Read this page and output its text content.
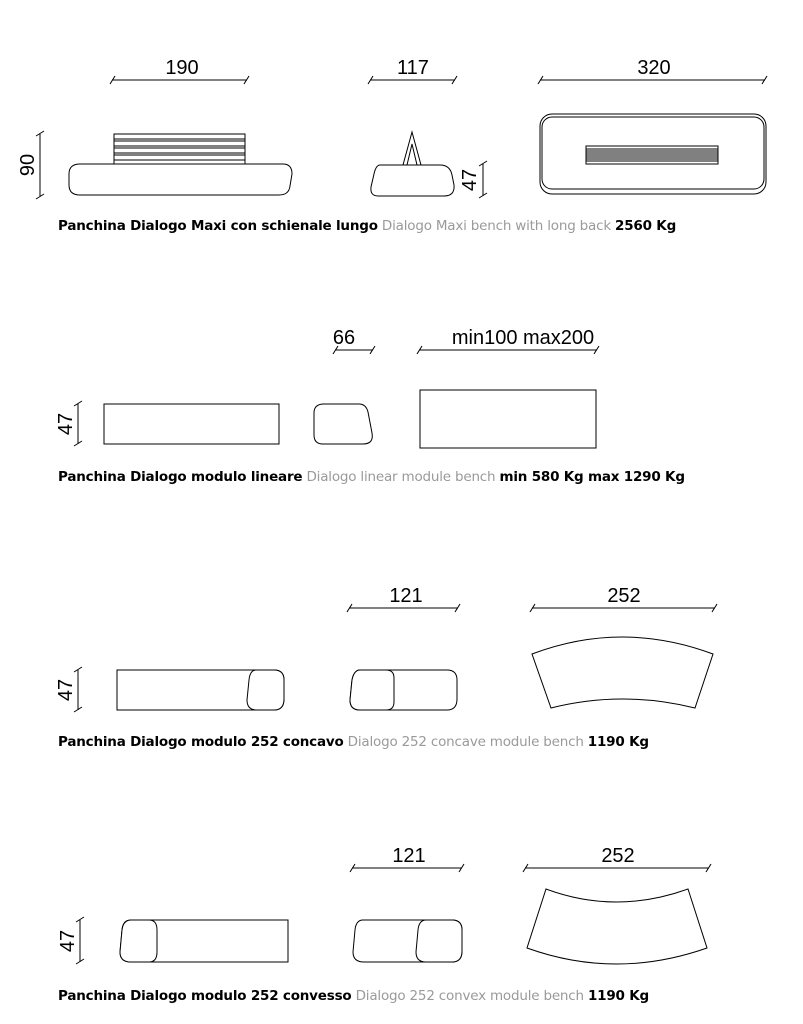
190	117	320
90
47
66	min100 max200
47
121	252
47
121	252
47
Panchina Dialogo Maxi con schienale lungo Dialogo Maxi bench with long back 2560 Kg
Panchina Dialogo modulo lineare Dialogo linear module bench min 580 Kg max 1290 Kg
Panchina Dialogo modulo 252 concavo Dialogo 252 concave module bench 1190 Kg
Panchina Dialogo modulo 252 convesso Dialogo 252 convex module bench 1190 Kg
